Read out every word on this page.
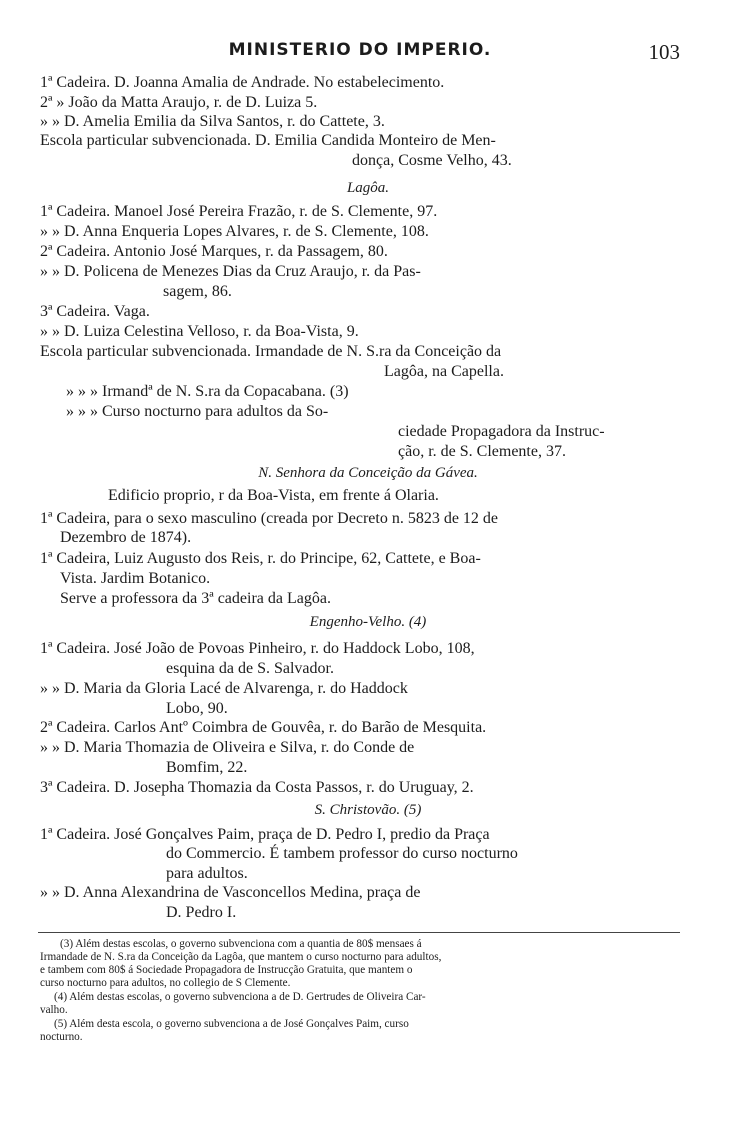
MINISTERIO DO IMPERIO.	103
1ª Cadeira. D. Joanna Amalia de Andrade. No estabelecimento.
2ª » João da Matta Araujo, r. de D. Luiza 5.
» » D. Amelia Emilia da Silva Santos, r. do Cattete, 3.
Escola particular subvencionada. D. Emilia Candida Monteiro de Men-
donça, Cosme Velho, 43.
Lagôa.
1ª Cadeira. Manoel José Pereira Frazão, r. de S. Clemente, 97.
» » D. Anna Enqueria Lopes Alvares, r. de S. Clemente, 108.
2ª Cadeira. Antonio José Marques, r. da Passagem, 80.
» » D. Policena de Menezes Dias da Cruz Araujo, r. da Pas-
sagem, 86.
3ª Cadeira. Vaga.
» » D. Luiza Celestina Velloso, r. da Boa-Vista, 9.
Escola particular subvencionada. Irmandade de N. S.ra da Conceição da
Lagôa, na Capella.
» » » Irmandª de N. S.ra da Copacabana. (3)
» » » Curso nocturno para adultos da So-
ciedade Propagadora da Instruc-
ção, r. de S. Clemente, 37.
N. Senhora da Conceição da Gávea.
Edificio proprio, r da Boa-Vista, em frente á Olaria.
1ª Cadeira, para o sexo masculino (creada por Decreto n. 5823 de 12 de
Dezembro de 1874).
1ª Cadeira, Luiz Augusto dos Reis, r. do Principe, 62, Cattete, e Boa-
Vista. Jardim Botanico.
Serve a professora da 3ª cadeira da Lagôa.
Engenho-Velho. (4)
1ª Cadeira. José João de Povoas Pinheiro, r. do Haddock Lobo, 108,
esquina da de S. Salvador.
» » D. Maria da Gloria Lacé de Alvarenga, r. do Haddock
Lobo, 90.
2ª Cadeira. Carlos Antº Coimbra de Gouvêa, r. do Barão de Mesquita.
» » D. Maria Thomazia de Oliveira e Silva, r. do Conde de
Bomfim, 22.
3ª Cadeira. D. Josepha Thomazia da Costa Passos, r. do Uruguay, 2.
S. Christovão. (5)
1ª Cadeira. José Gonçalves Paim, praça de D. Pedro I, predio da Praça
do Commercio. É tambem professor do curso nocturno
para adultos.
» » D. Anna Alexandrina de Vasconcellos Medina, praça de
D. Pedro I.
(3) Além destas escolas, o governo subvenciona com a quantia de 80$ mensaes á
Irmandade de N. S.ra da Conceição da Lagôa, que mantem o curso nocturno para adultos,
e tambem com 80$ á Sociedade Propagadora de Instrucção Gratuita, que mantem o
curso nocturno para adultos, no collegio de S Clemente.
(4) Além destas escolas, o governo subvenciona a de D. Gertrudes de Oliveira Car-
valho.
(5) Além desta escola, o governo subvenciona a de José Gonçalves Paim, curso
nocturno.
